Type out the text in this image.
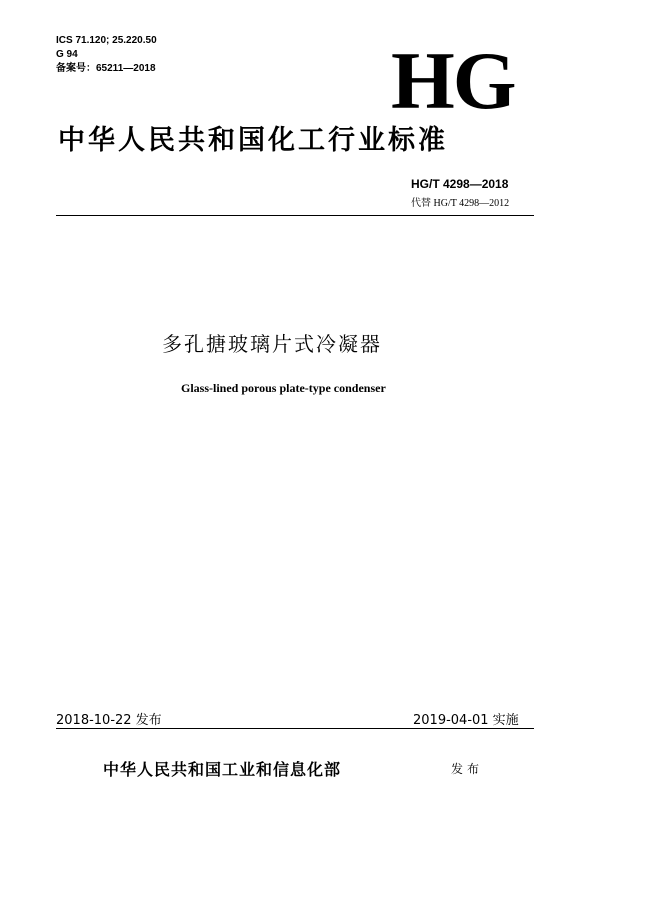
ICS 71.120; 25.220.50
G 94
备案号：65211—2018	HG
中华人民共和国化工行业标准
HG/T 4298—2018
代替 HG/T 4298—2012
多孔搪玻璃片式冷凝器
Glass-lined porous plate-type condenser
2018-10-22 发布	2019-04-01 实施
中华人民共和国工业和信息化部	发布
